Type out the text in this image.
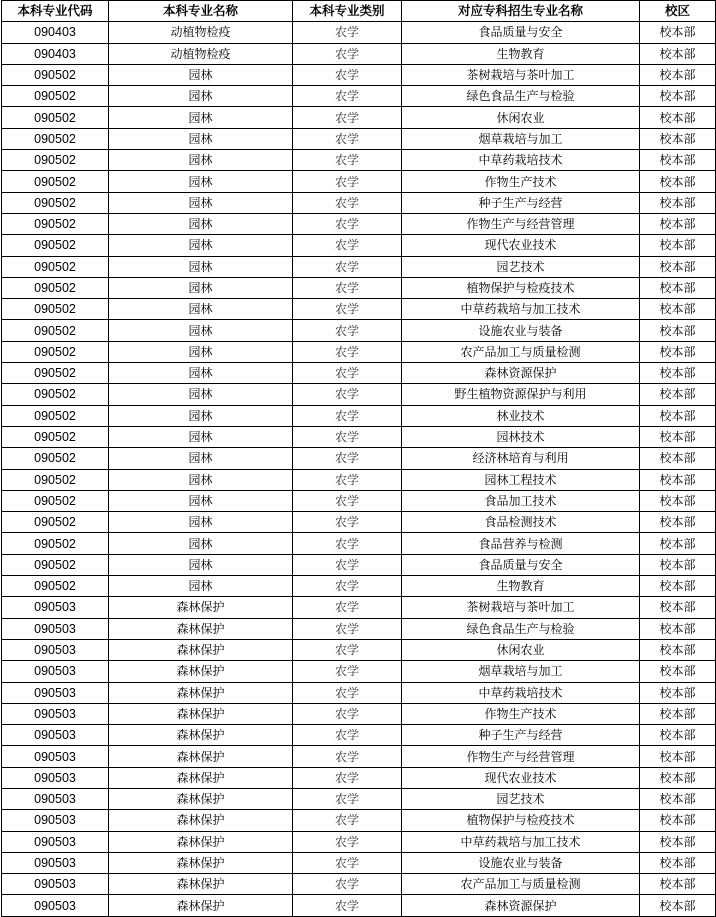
本科专业代码	本科专业名称	本科专业类别	对应专科招生专业名称	校区
090403	动植物检疫	农学	食品质量与安全	校本部
090403	动植物检疫	农学	生物教育	校本部
090502	园林	农学	茶树栽培与茶叶加工	校本部
090502	园林	农学	绿色食品生产与检验	校本部
090502	园林	农学	休闲农业	校本部
090502	园林	农学	烟草栽培与加工	校本部
090502	园林	农学	中草药栽培技术	校本部
090502	园林	农学	作物生产技术	校本部
090502	园林	农学	种子生产与经营	校本部
090502	园林	农学	作物生产与经营管理	校本部
090502	园林	农学	现代农业技术	校本部
090502	园林	农学	园艺技术	校本部
090502	园林	农学	植物保护与检疫技术	校本部
090502	园林	农学	中草药栽培与加工技术	校本部
090502	园林	农学	设施农业与装备	校本部
090502	园林	农学	农产品加工与质量检测	校本部
090502	园林	农学	森林资源保护	校本部
090502	园林	农学	野生植物资源保护与利用	校本部
090502	园林	农学	林业技术	校本部
090502	园林	农学	园林技术	校本部
090502	园林	农学	经济林培育与利用	校本部
090502	园林	农学	园林工程技术	校本部
090502	园林	农学	食品加工技术	校本部
090502	园林	农学	食品检测技术	校本部
090502	园林	农学	食品营养与检测	校本部
090502	园林	农学	食品质量与安全	校本部
090502	园林	农学	生物教育	校本部
090503	森林保护	农学	茶树栽培与茶叶加工	校本部
090503	森林保护	农学	绿色食品生产与检验	校本部
090503	森林保护	农学	休闲农业	校本部
090503	森林保护	农学	烟草栽培与加工	校本部
090503	森林保护	农学	中草药栽培技术	校本部
090503	森林保护	农学	作物生产技术	校本部
090503	森林保护	农学	种子生产与经营	校本部
090503	森林保护	农学	作物生产与经营管理	校本部
090503	森林保护	农学	现代农业技术	校本部
090503	森林保护	农学	园艺技术	校本部
090503	森林保护	农学	植物保护与检疫技术	校本部
090503	森林保护	农学	中草药栽培与加工技术	校本部
090503	森林保护	农学	设施农业与装备	校本部
090503	森林保护	农学	农产品加工与质量检测	校本部
090503	森林保护	农学	森林资源保护	校本部
